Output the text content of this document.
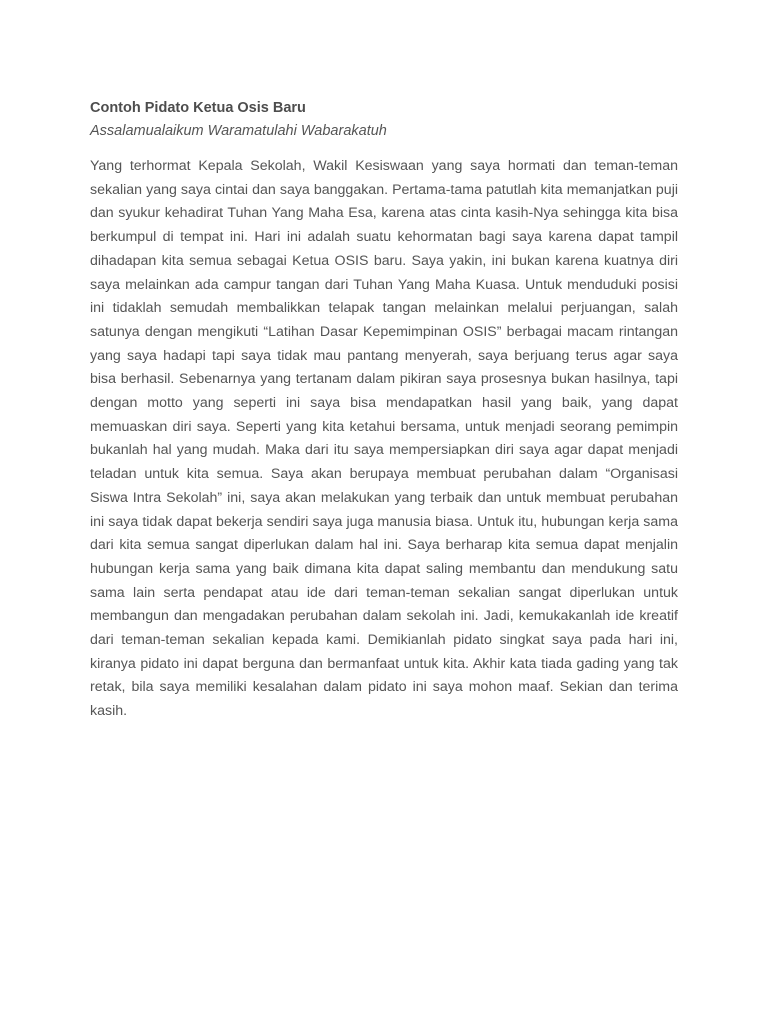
Contoh Pidato Ketua Osis Baru

Assalamualaikum Waramatulahi Wabarakatuh

Yang terhormat Kepala Sekolah, Wakil Kesiswaan yang saya hormati dan teman-teman sekalian yang saya cintai dan saya banggakan. Pertama-tama patutlah kita memanjatkan puji dan syukur kehadirat Tuhan Yang Maha Esa, karena atas cinta kasih-Nya sehingga kita bisa berkumpul di tempat ini. Hari ini adalah suatu kehormatan bagi saya karena dapat tampil dihadapan kita semua sebagai Ketua OSIS baru. Saya yakin, ini bukan karena kuatnya diri saya melainkan ada campur tangan dari Tuhan Yang Maha Kuasa. Untuk menduduki posisi ini tidaklah semudah membalikkan telapak tangan melainkan melalui perjuangan, salah satunya dengan mengikuti “Latihan Dasar Kepemimpinan OSIS” berbagai macam rintangan yang saya hadapi tapi saya tidak mau pantang menyerah, saya berjuang terus agar saya bisa berhasil. Sebenarnya yang tertanam dalam pikiran saya prosesnya bukan hasilnya, tapi dengan motto yang seperti ini saya bisa mendapatkan hasil yang baik, yang dapat memuaskan diri saya. Seperti yang kita ketahui bersama, untuk menjadi seorang pemimpin bukanlah hal yang mudah. Maka dari itu saya mempersiapkan diri saya agar dapat menjadi teladan untuk kita semua. Saya akan berupaya membuat perubahan dalam “Organisasi Siswa Intra Sekolah” ini, saya akan melakukan yang terbaik dan untuk membuat perubahan ini saya tidak dapat bekerja sendiri saya juga manusia biasa. Untuk itu, hubungan kerja sama dari kita semua sangat diperlukan dalam hal ini. Saya berharap kita semua dapat menjalin hubungan kerja sama yang baik dimana kita dapat saling membantu dan mendukung satu sama lain serta pendapat atau ide dari teman-teman sekalian sangat diperlukan untuk membangun dan mengadakan perubahan dalam sekolah ini. Jadi, kemukakanlah ide kreatif dari teman-teman sekalian kepada kami. Demikianlah pidato singkat saya pada hari ini, kiranya pidato ini dapat berguna dan bermanfaat untuk kita. Akhir kata tiada gading yang tak retak, bila saya memiliki kesalahan dalam pidato ini saya mohon maaf. Sekian dan terima kasih.
